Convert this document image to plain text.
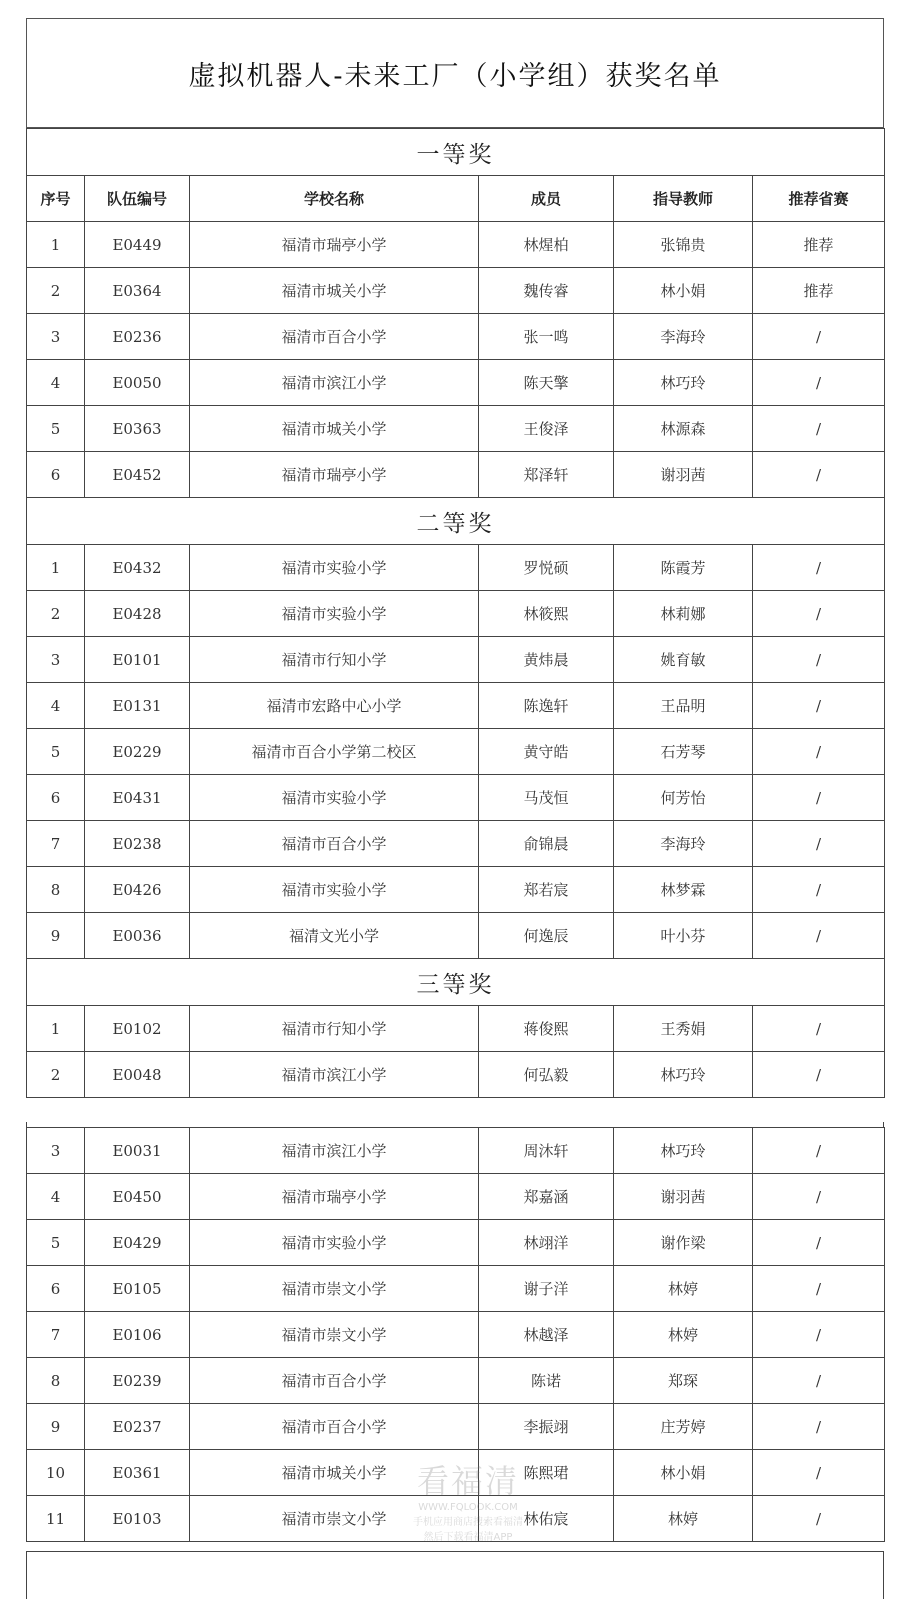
虚拟机器人-未来工厂（小学组）获奖名单
一等奖					
序号	队伍编号	学校名称	成员	指导教师	推荐省赛
1	E0449	福清市瑞亭小学	林煋柏	张锦贵	推荐
2	E0364	福清市城关小学	魏传睿	林小娟	推荐
3	E0236	福清市百合小学	张一鸣	李海玲	/
4	E0050	福清市滨江小学	陈天擎	林巧玲	/
5	E0363	福清市城关小学	王俊泽	林源森	/
6	E0452	福清市瑞亭小学	郑泽轩	谢羽茜	/
二等奖					
1	E0432	福清市实验小学	罗悦硕	陈霞芳	/
2	E0428	福清市实验小学	林筱熙	林莉娜	/
3	E0101	福清市行知小学	黄炜晨	姚育敏	/
4	E0131	福清市宏路中心小学	陈逸轩	王品明	/
5	E0229	福清市百合小学第二校区	黄守皓	石芳琴	/
6	E0431	福清市实验小学	马茂恒	何芳怡	/
7	E0238	福清市百合小学	俞锦晨	李海玲	/
8	E0426	福清市实验小学	郑若宸	林梦霖	/
9	E0036	福清文光小学	何逸辰	叶小芬	/
三等奖					
1	E0102	福清市行知小学	蒋俊熙	王秀娟	/
2	E0048	福清市滨江小学	何弘毅	林巧玲	/
3	E0031	福清市滨江小学	周沐轩	林巧玲	/
4	E0450	福清市瑞亭小学	郑嘉涵	谢羽茜	/
5	E0429	福清市实验小学	林翊洋	谢作梁	/
6	E0105	福清市崇文小学	谢子洋	林婷	/
7	E0106	福清市崇文小学	林越泽	林婷	/
8	E0239	福清市百合小学	陈诺	郑琛	/
9	E0237	福清市百合小学	李振翊	庄芳婷	/
10	E0361	福清市城关小学	陈熙珺	林小娟	/
11	E0103	福清市崇文小学	林佑宸	林婷	/
看福清
WWW.FQLOOK.COM
手机应用商店搜索看福清
然后下载看福清APP
